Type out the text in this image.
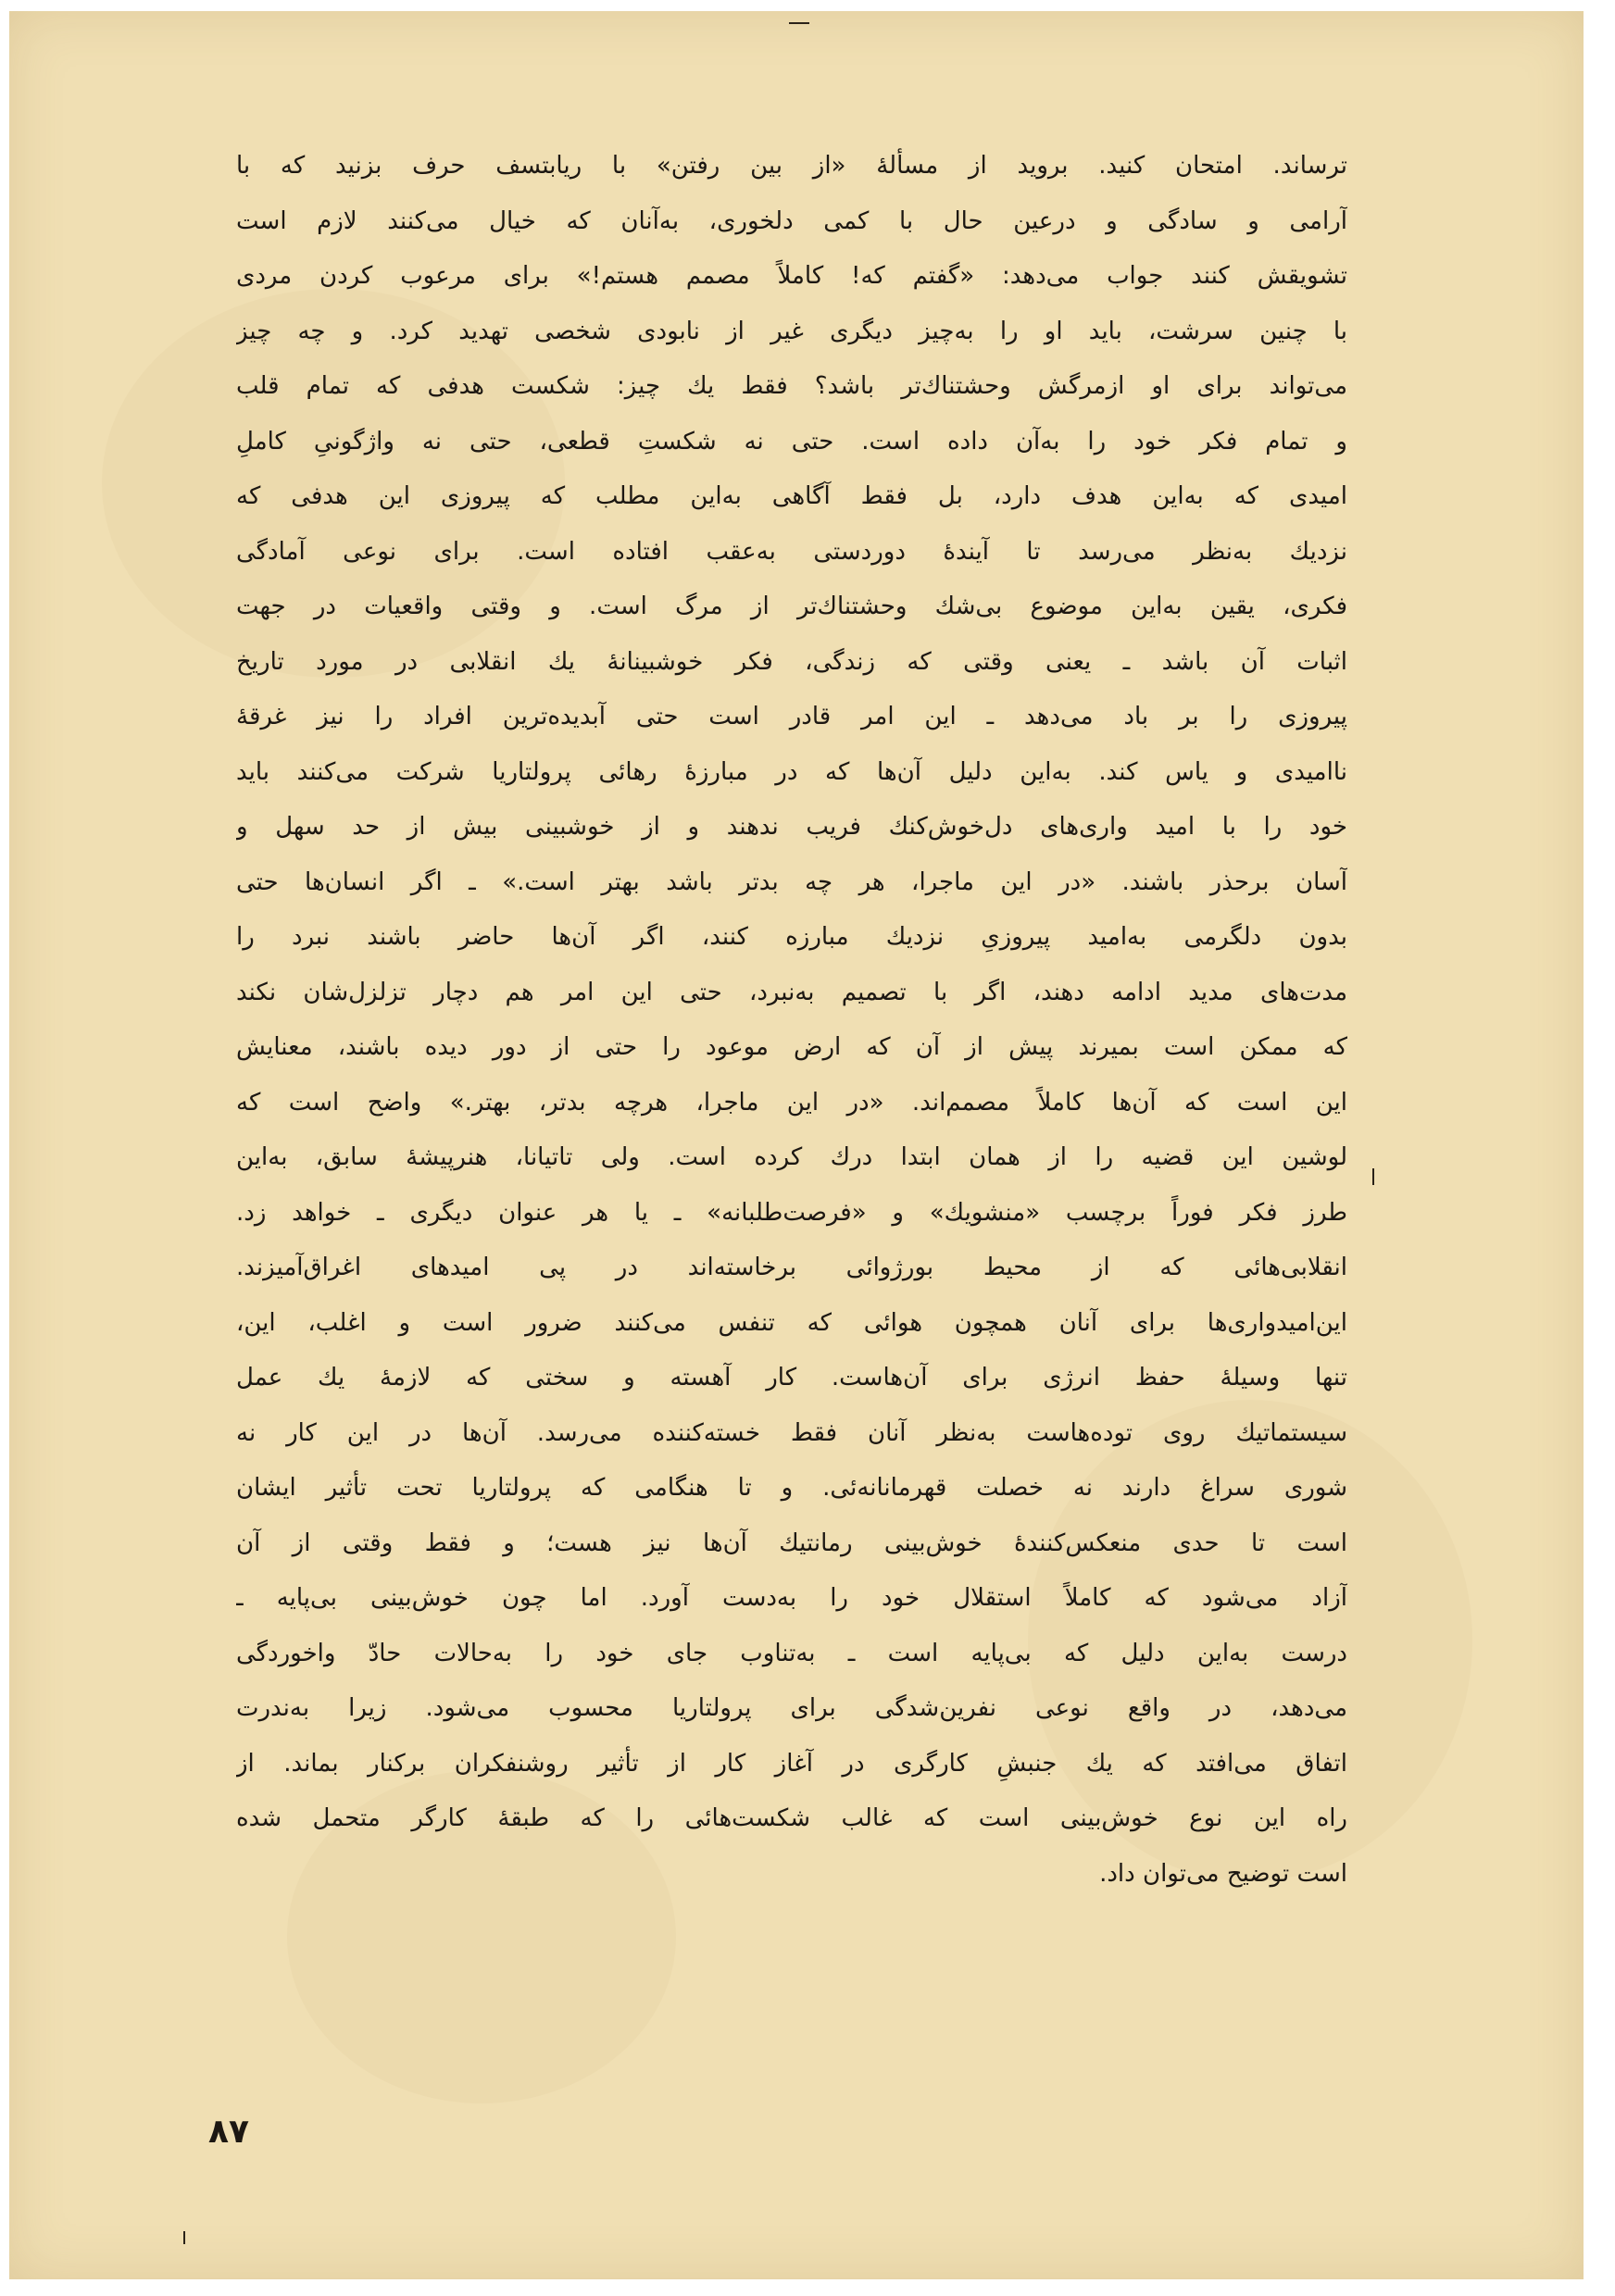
ترساند. امتحان کنید. بروید از مسألهٔ «از بین رفتن» با ریابتسف حرف بزنید که با
آرامی و سادگی و درعین حال با کمی دلخوری، به‌آنان که خیال می‌کنند لازم است
تشویقش کنند جواب می‌دهد: «گفتم که! کاملاً مصمم هستم!» برای مرعوب کردن مردی
با چنین سرشت، باید او را به‌چیز دیگری غیر از نابودی شخصی تهدید کرد. و چه چیز
می‌تواند برای او ازمرگش وحشتناك‌تر باشد؟ فقط یك چیز: شکست هدفی که تمام قلب
و تمام فکر خود را به‌آن داده است. حتی نه شکستِ قطعی، حتی نه واژگونیِ کاملِ
امیدی که به‌این هدف دارد، بل فقط آگاهی به‌این مطلب که پیروزی این هدفی که
نزدیك به‌نظر می‌رسد تا آیندهٔ دوردستی به‌عقب افتاده است. برای نوعی آمادگی
فکری، یقین به‌این موضوع بی‌شك وحشتناك‌تر از مرگ است. و وقتی واقعیات در جهت
اثبات آن باشد ـ یعنی وقتی که زندگی، فکر خوشبینانهٔ یك انقلابی در مورد تاریخ
پیروزی را بر باد می‌دهد ـ این امر قادر است حتی آبدیده‌ترین افراد را نیز غرقهٔ
ناامیدی و یاس کند. به‌این دلیل آن‌ها که در مبارزهٔ رهائی پرولتاریا شرکت می‌کنند باید
خود را با امید واری‌های دل‌خوش‌کنك فریب ندهند و از خوشبینی بیش از حد سهل و
آسان برحذر باشند. «در این ماجرا، هر چه بدتر باشد بهتر است.» ـ اگر انسان‌ها حتی
بدون دلگرمی به‌امید پیروزیِ نزدیك مبارزه کنند، اگر آن‌ها حاضر باشند نبرد را
مدت‌های مدید ادامه دهند، اگر با تصمیم به‌نبرد، حتی این امر هم دچار تزلزل‌شان نکند
که ممکن است بمیرند پیش از آن که ارض موعود را حتی از دور دیده باشند، معنایش
این است که آن‌ها کاملاً مصمم‌اند. «در این ماجرا، هرچه بدتر، بهتر.» واضح است که
لوشین این قضیه را از همان ابتدا درك کرده است. ولی تاتیانا، هنرپیشهٔ سابق، به‌این
طرز فکر فوراً برچسب «منشویك» و «فرصت‌طلبانه» ـ یا هر عنوان دیگری ـ خواهد زد.
انقلابی‌هائی که از محیط بورژوائی برخاسته‌اند در پی امیدهای اغراق‌آمیزند.
این‌امیدواری‌ها برای آنان همچون هوائی که تنفس می‌کنند ضرور است و اغلب، این،
تنها وسیلهٔ حفظ انرژی برای آن‌هاست. کار آهسته و سختی که لازمهٔ یك عمل
سیستماتیك روی توده‌هاست به‌نظر آنان فقط خسته‌کننده می‌رسد. آن‌ها در این کار نه
شوری سراغ دارند نه خصلت قهرمانانه‌ئی. و تا هنگامی که پرولتاریا تحت تأثیر ایشان
است تا حدی منعکس‌کنندهٔ خوش‌بینی رمانتیك آن‌ها نیز هست؛ و فقط وقتی از آن
آزاد می‌شود که کاملاً استقلال خود را به‌دست آورد. اما چون خوش‌بینی بی‌پایه ـ
درست به‌این دلیل که بی‌پایه است ـ به‌تناوب جای خود را به‌حالات حادّ واخوردگی
می‌دهد، در واقع نوعی نفرین‌شدگی برای پرولتاریا محسوب می‌شود. زیرا به‌ندرت
اتفاق می‌افتد که یك جنبشِ کارگری در آغاز کار از تأثیر روشنفکران برکنار بماند. از
راه این نوع خوش‌بینی است که غالب شکست‌هائی را که طبقهٔ کارگر متحمل شده
است توضیح می‌توان داد.
۸۷
